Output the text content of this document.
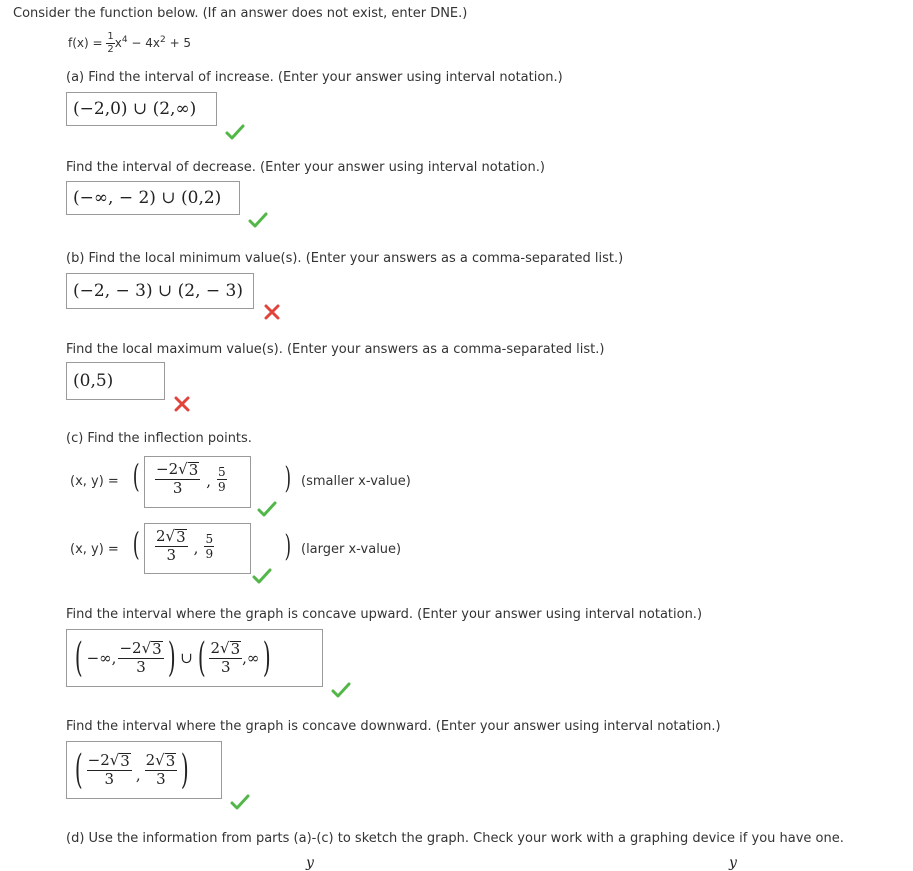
Consider the function below. (If an answer does not exist, enter DNE.)
$f(x) = \frac{1}{2} x^4 - 4x^2 + 5$
(a) Find the interval of increase. (Enter your answer using interval notation.)
(−2,0) ∪ (2,∞)
Find the interval of decrease. (Enter your answer using interval notation.)
(−∞, − 2) ∪ (0,2)
(b) Find the local minimum value(s). (Enter your answers as a comma-separated list.)
(−2, − 3) ∪ (2, − 3)
Find the local maximum value(s). (Enter your answers as a comma-separated list.)
(0,5)
(c) Find the inflection points.
(x, y) = ( $\frac{-2 √ 3}{3}$ , $\frac{5}{9}$ ) (smaller x-value)
(x, y) = ( $\frac{2 √ 3}{3}$ , $\frac{5}{9}$ ) (larger x-value)
Find the interval where the graph is concave upward. (Enter your answer using interval notation.)
( −∞, $\frac{-2 √ 3}{3}$ ) ∪ ( $\frac{2 √ 3}{3}$ ,∞ )
Find the interval where the graph is concave downward. (Enter your answer using interval notation.)
( $\frac{-2 √ 3}{3}$ , $\frac{2 √ 3}{3}$ )
(d) Use the information from parts (a)-(c) to sketch the graph. Check your work with a graphing device if you have one.
y	y
